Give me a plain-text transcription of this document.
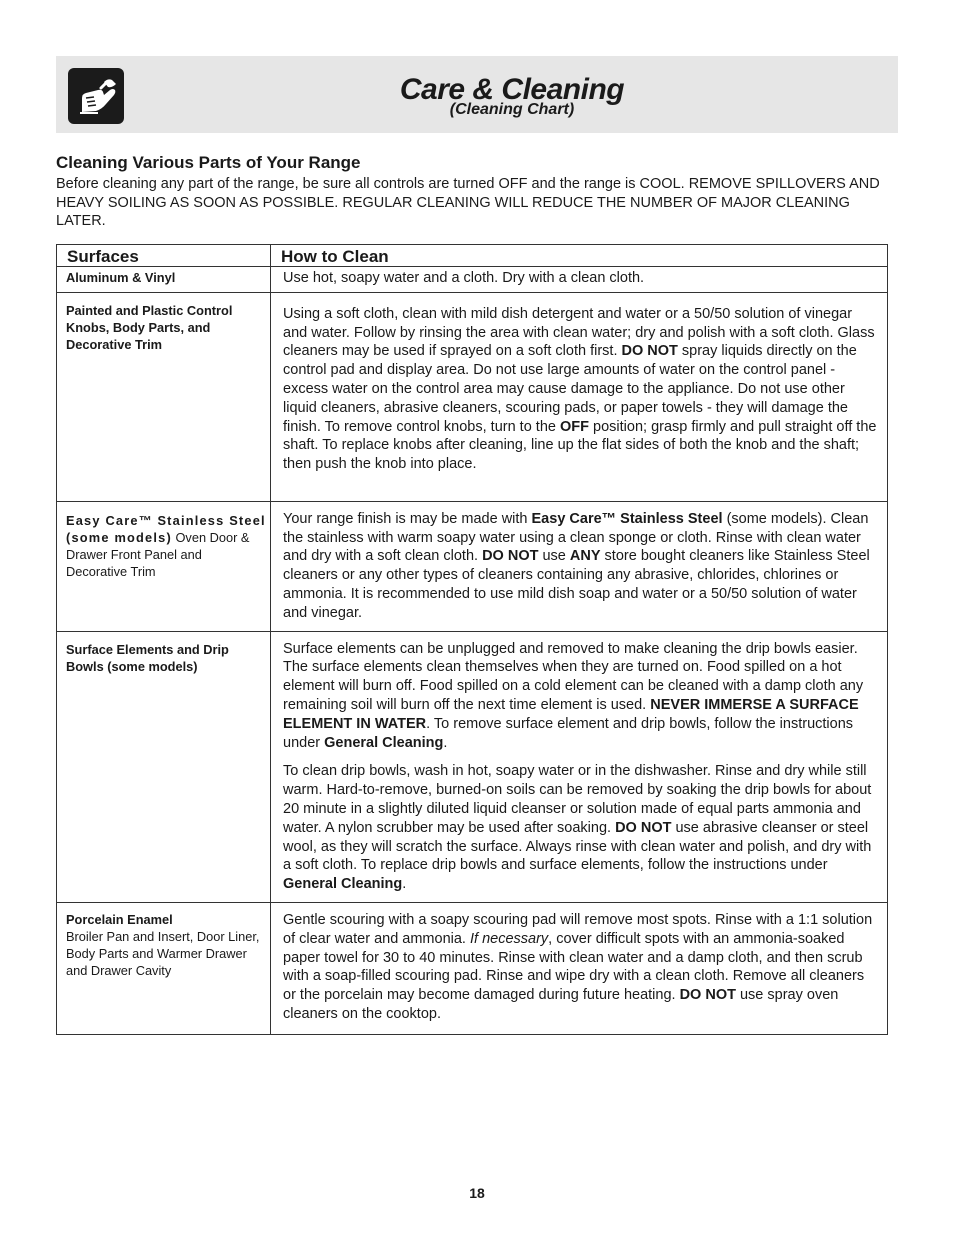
Care & Cleaning
(Cleaning Chart)
Cleaning Various Parts of Your Range

Before cleaning any part of the range, be sure all controls are turned OFF and the range is COOL. REMOVE SPILLOVERS AND HEAVY SOILING AS SOON AS POSSIBLE. REGULAR CLEANING WILL REDUCE THE NUMBER OF MAJOR CLEANING LATER.

Surfaces	How to Clean
Aluminum & Vinyl	Use hot, soapy water and a cloth. Dry with a clean cloth.

Painted and Plastic Control Knobs, Body Parts, and Decorative Trim	Using a soft cloth, clean with mild dish detergent and water or a 50/50 solution of vinegar and water. Follow by rinsing the area with clean water; dry and polish with a soft cloth. Glass cleaners may be used if sprayed on a soft cloth first. DO NOT spray liquids directly on the control pad and display area. Do not use large amounts of water on the control panel - excess water on the control area may cause damage to the appliance. Do not use other liquid cleaners, abrasive cleaners, scouring pads, or paper towels - they will damage the finish. To remove control knobs, turn to the OFF position; grasp firmly and pull straight off the shaft. To replace knobs after cleaning, line up the flat sides of both the knob and the shaft; then push the knob into place.

Easy Care™ Stainless Steel (some models) Oven Door & Drawer Front Panel and Decorative Trim	Your range finish is may be made with Easy Care™ Stainless Steel (some models). Clean the stainless with warm soapy water using a clean sponge or cloth. Rinse with clean water and dry with a soft clean cloth. DO NOT use ANY store bought cleaners like Stainless Steel cleaners or any other types of cleaners containing any abrasive, chlorides, chlorines or ammonia. It is recommended to use mild dish soap and water or a 50/50 solution of water and vinegar.

Surface Elements and Drip Bowls (some models)	Surface elements can be unplugged and removed to make cleaning the drip bowls easier. The surface elements clean themselves when they are turned on. Food spilled on a hot element will burn off. Food spilled on a cold element can be cleaned with a damp cloth any remaining soil will burn off the next time element is used. NEVER IMMERSE A SURFACE ELEMENT IN WATER. To remove surface element and drip bowls, follow the instructions under General Cleaning.

To clean drip bowls, wash in hot, soapy water or in the dishwasher. Rinse and dry while still warm. Hard-to-remove, burned-on soils can be removed by soaking the drip bowls for about 20 minute in a slightly diluted liquid cleanser or solution made of equal parts ammonia and water. A nylon scrubber may be used after soaking. DO NOT use abrasive cleanser or steel wool, as they will scratch the surface. Always rinse with clean water and polish, and dry with a soft cloth. To replace drip bowls and surface elements, follow the instructions under General Cleaning.

Porcelain Enamel
Broiler Pan and Insert, Door Liner, Body Parts and Warmer Drawer and Drawer Cavity	Gentle scouring with a soapy scouring pad will remove most spots. Rinse with a 1:1 solution of clear water and ammonia. If necessary, cover difficult spots with an ammonia-soaked paper towel for 30 to 40 minutes. Rinse with clean water and a damp cloth, and then scrub with a soap-filled scouring pad. Rinse and wipe dry with a clean cloth. Remove all cleaners or the porcelain may become damaged during future heating. DO NOT use spray oven cleaners on the cooktop.

18
